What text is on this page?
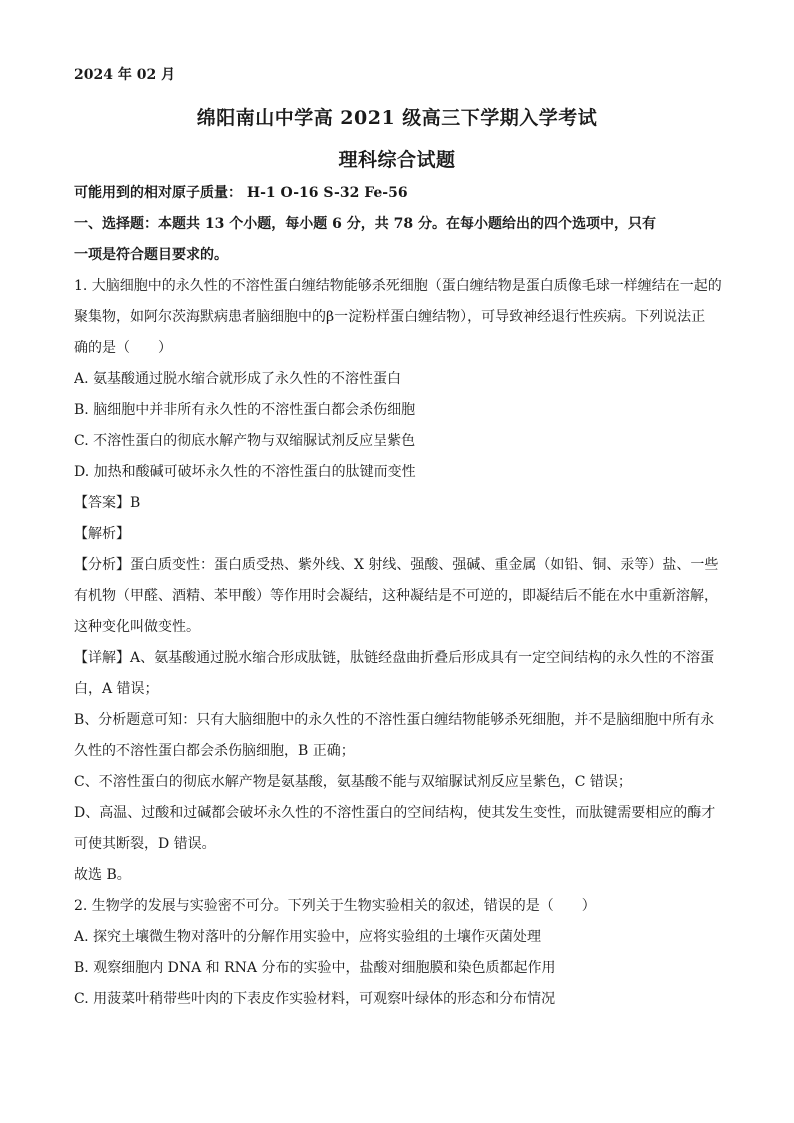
2024 年 02 月
绵阳南山中学高 2021 级高三下学期入学考试
理科综合试题
可能用到的相对原子质量： H-1 O-16 S-32 Fe-56
一、选择题：本题共 13 个小题，每小题 6 分，共 78 分。在每小题给出的四个选项中，只有
一项是符合题目要求的。
1. 大脑细胞中的永久性的不溶性蛋白缠结物能够杀死细胞（蛋白缠结物是蛋白质像毛球一样缠结在一起的
聚集物，如阿尔茨海默病患者脑细胞中的β一淀粉样蛋白缠结物），可导致神经退行性疾病。下列说法正
确的是（　　）
A. 氨基酸通过脱水缩合就形成了永久性的不溶性蛋白
B. 脑细胞中并非所有永久性的不溶性蛋白都会杀伤细胞
C. 不溶性蛋白的彻底水解产物与双缩脲试剂反应呈紫色
D. 加热和酸碱可破坏永久性的不溶性蛋白的肽键而变性
【答案】B
【解析】
【分析】蛋白质变性：蛋白质受热、紫外线、X 射线、强酸、强碱、重金属（如铅、铜、汞等）盐、一些
有机物（甲醛、酒精、苯甲酸）等作用时会凝结，这种凝结是不可逆的，即凝结后不能在水中重新溶解，
这种变化叫做变性。
【详解】A、氨基酸通过脱水缩合形成肽链，肽链经盘曲折叠后形成具有一定空间结构的永久性的不溶蛋
白，A 错误；
B、分析题意可知：只有大脑细胞中的永久性的不溶性蛋白缠结物能够杀死细胞，并不是脑细胞中所有永
久性的不溶性蛋白都会杀伤脑细胞，B 正确；
C、不溶性蛋白的彻底水解产物是氨基酸，氨基酸不能与双缩脲试剂反应呈紫色，C 错误；
D、高温、过酸和过碱都会破坏永久性的不溶性蛋白的空间结构，使其发生变性，而肽键需要相应的酶才
可使其断裂，D 错误。
故选 B。
2. 生物学的发展与实验密不可分。下列关于生物实验相关的叙述，错误的是（　　）
A. 探究土壤微生物对落叶的分解作用实验中，应将实验组的土壤作灭菌处理
B. 观察细胞内 DNA 和 RNA 分布的实验中，盐酸对细胞膜和染色质都起作用
C. 用菠菜叶稍带些叶肉的下表皮作实验材料，可观察叶绿体的形态和分布情况
